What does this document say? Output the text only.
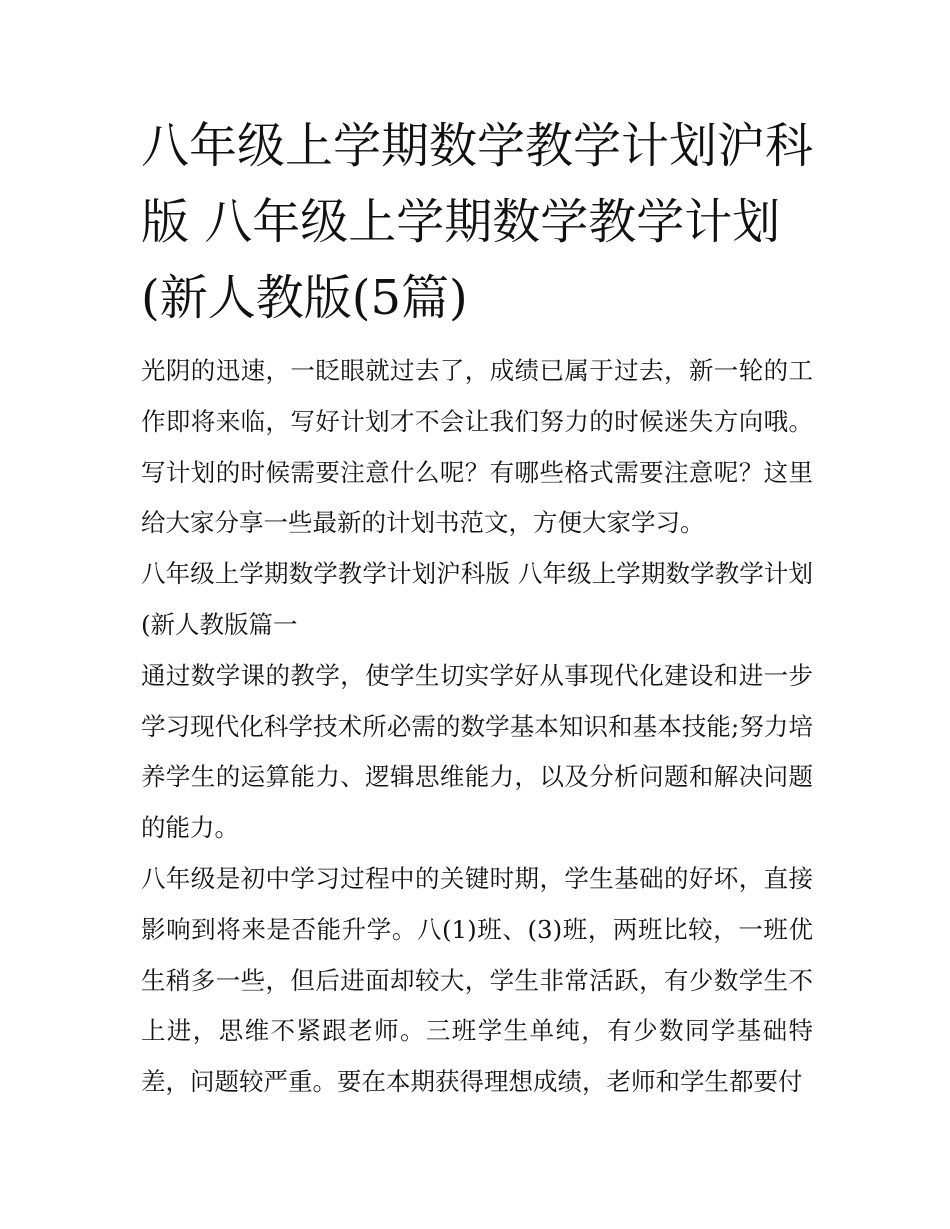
八年级上学期数学教学计划沪科版 八年级上学期数学教学计划(新人教版(5篇)

光阴的迅速，一眨眼就过去了，成绩已属于过去，新一轮的工作即将来临，写好计划才不会让我们努力的时候迷失方向哦。写计划的时候需要注意什么呢？有哪些格式需要注意呢？这里给大家分享一些最新的计划书范文，方便大家学习。

八年级上学期数学教学计划沪科版 八年级上学期数学教学计划(新人教版篇一

通过数学课的教学，使学生切实学好从事现代化建设和进一步学习现代化科学技术所必需的数学基本知识和基本技能;努力培养学生的运算能力、逻辑思维能力，以及分析问题和解决问题的能力。

八年级是初中学习过程中的关键时期，学生基础的好坏，直接影响到将来是否能升学。八(1)班、(3)班，两班比较，一班优生稍多一些，但后进面却较大，学生非常活跃，有少数学生不上进，思维不紧跟老师。三班学生单纯，有少数同学基础特差，问题较严重。要在本期获得理想成绩，老师和学生都要付
